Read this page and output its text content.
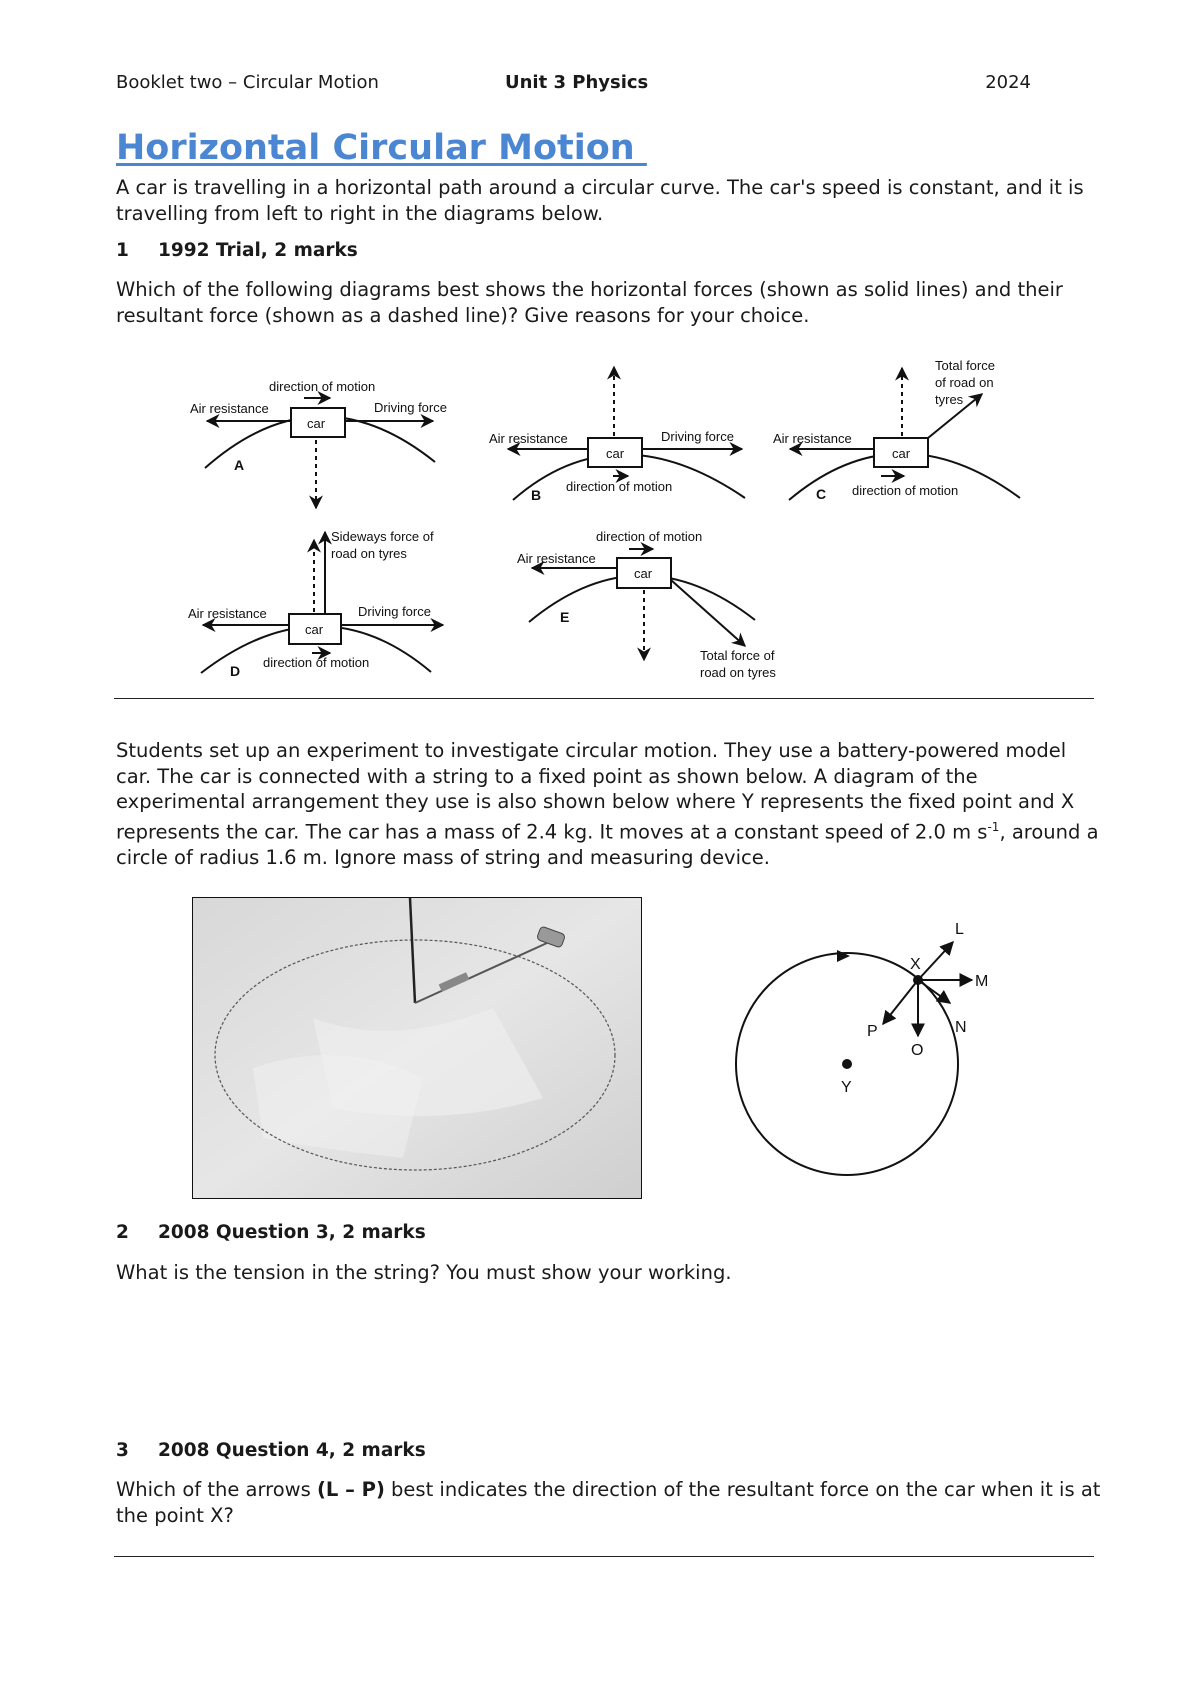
Booklet two – Circular Motion	Unit 3 Physics	2024
Horizontal Circular Motion

A car is travelling in a horizontal path around a circular curve. The car's speed is constant, and it is travelling from left to right in the diagrams below.

1 1992 Trial, 2 marks

Which of the following diagrams best shows the horizontal forces (shown as solid lines) and their resultant force (shown as a dashed line)? Give reasons for your choice.

car
direction of motion
Air resistance	Driving force
A
car
Air resistance	Driving force
direction of motion
B
car
Air resistance
direction of motion
Total force
of road on
tyres
C
car
Air resistance	Driving force
direction of motion
Sideways force of
road on tyres
D
car
direction of motion
Air resistance
Total force of
road on tyres
E

Students set up an experiment to investigate circular motion. They use a battery-powered model car. The car is connected with a string to a fixed point as shown below. A diagram of the experimental arrangement they use is also shown below where Y represents the fixed point and X represents the car. The car has a mass of 2.4 kg. It moves at a constant speed of 2.0 m $s^{-1}$, around a circle of radius 1.6 m. Ignore mass of string and measuring device.

L
M
N
O
P
X
Y
2 2008 Question 3, 2 marks

What is the tension in the string? You must show your working.

3 2008 Question 4, 2 marks

Which of the arrows (L – P) best indicates the direction of the resultant force on the car when it is at the point X?
